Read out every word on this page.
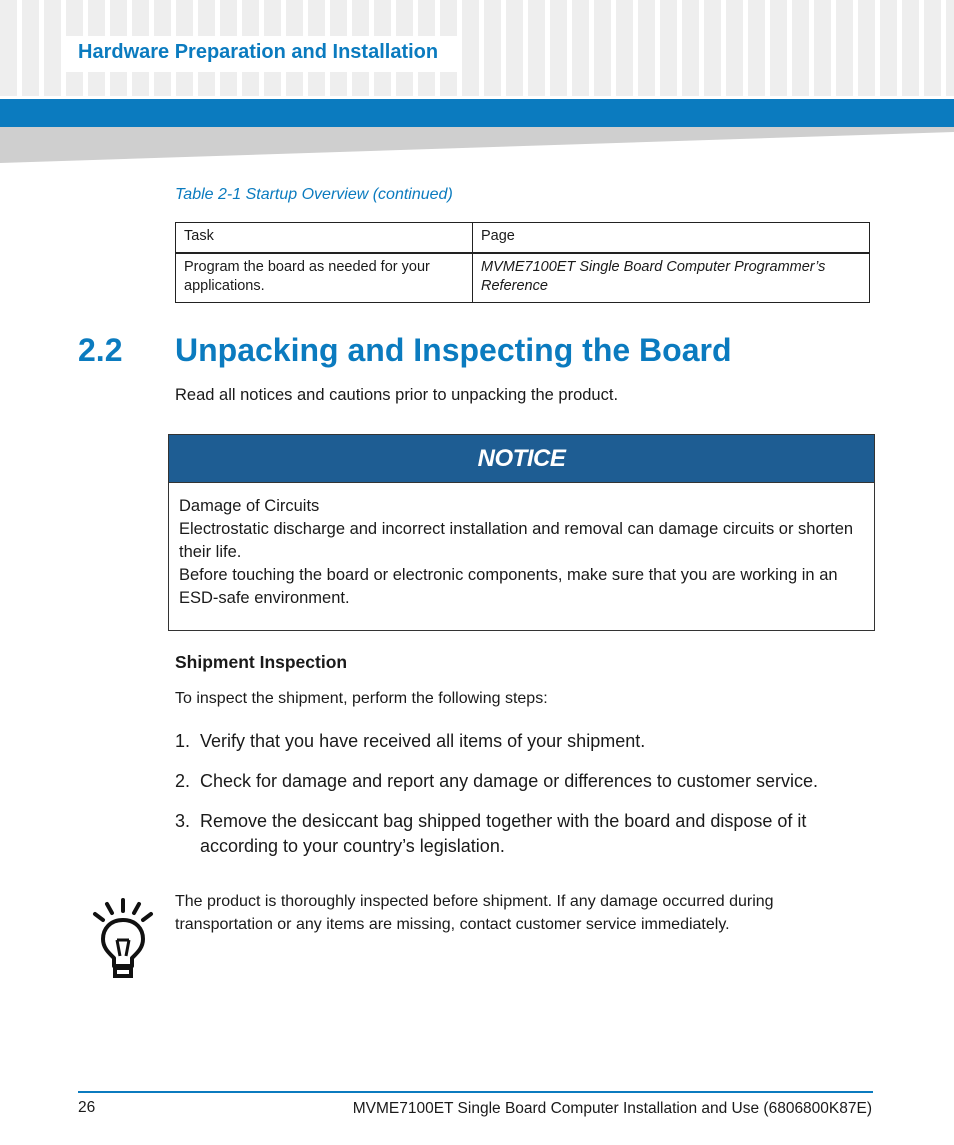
Hardware Preparation and Installation
Table 2-1 Startup Overview (continued)
Task	Page
Program the board as needed for your applications.	MVME7100ET Single Board Computer Programmer’s Reference
2.2 Unpacking and Inspecting the Board
Read all notices and cautions prior to unpacking the product.
NOTICE
Damage of Circuits
Electrostatic discharge and incorrect installation and removal can damage circuits or shorten their life.
Before touching the board or electronic components, make sure that you are working in an ESD-safe environment.
Shipment Inspection
To inspect the shipment, perform the following steps:
1. Verify that you have received all items of your shipment.
2. Check for damage and report any damage or differences to customer service.
3. Remove the desiccant bag shipped together with the board and dispose of it according to your country’s legislation.
The product is thoroughly inspected before shipment. If any damage occurred during transportation or any items are missing, contact customer service immediately.
26	MVME7100ET Single Board Computer Installation and Use (6806800K87E)
